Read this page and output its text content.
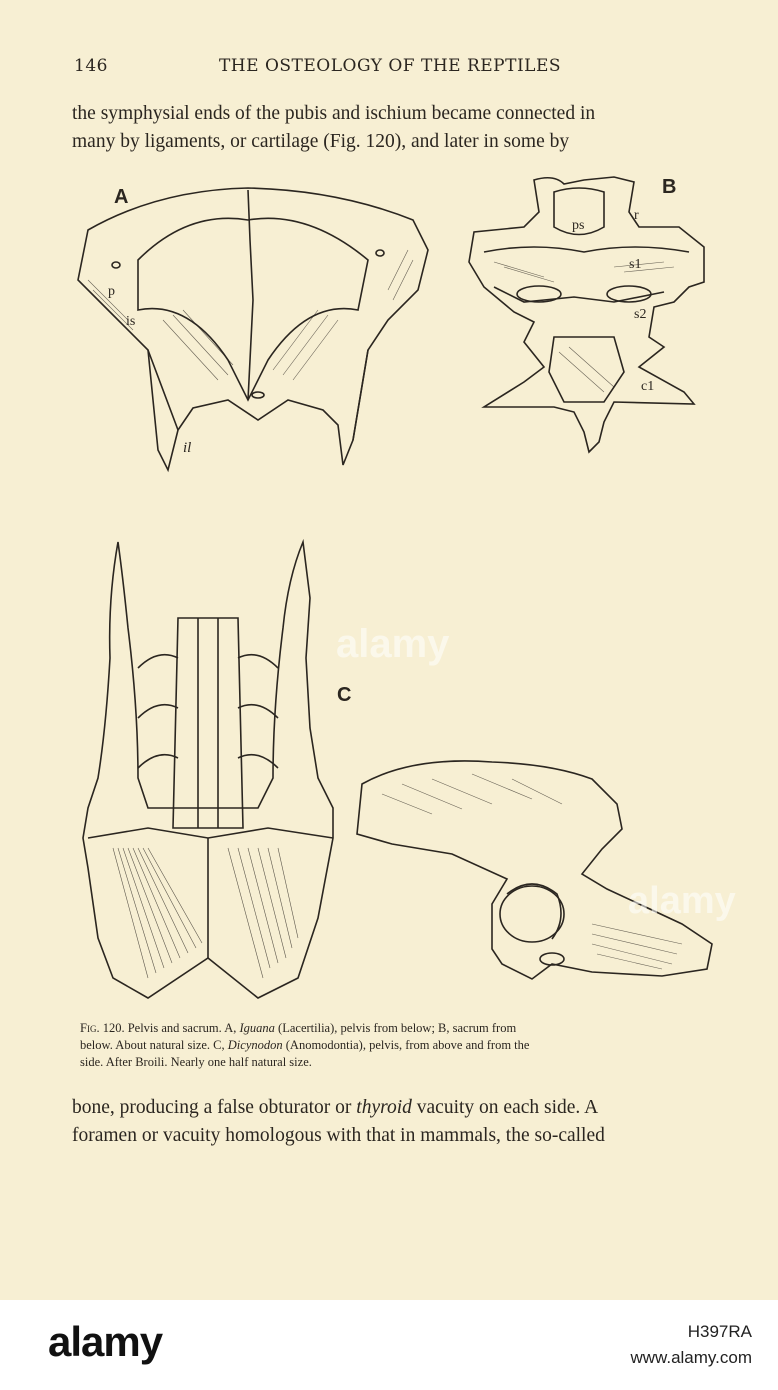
146	THE OSTEOLOGY OF THE REPTILES

the symphysial ends of the pubis and ischium became connected in

many by ligaments, or cartilage (Fig. 120), and later in some by

p
is
il
A
ps
r
s1
s2
c1
B
C

Fig. 120. Pelvis and sacrum. A, Iguana (Lacertilia), pelvis from below; B, sacrum from

below. About natural size. C, Dicynodon (Anomodontia), pelvis, from above and from the

side. After Broili. Nearly one half natural size.

bone, producing a false obturator or thyroid vacuity on each side. A

foramen or vacuity homologous with that in mammals, the so-called

alamy
alamy
alamy	H397RA
www.alamy.com
